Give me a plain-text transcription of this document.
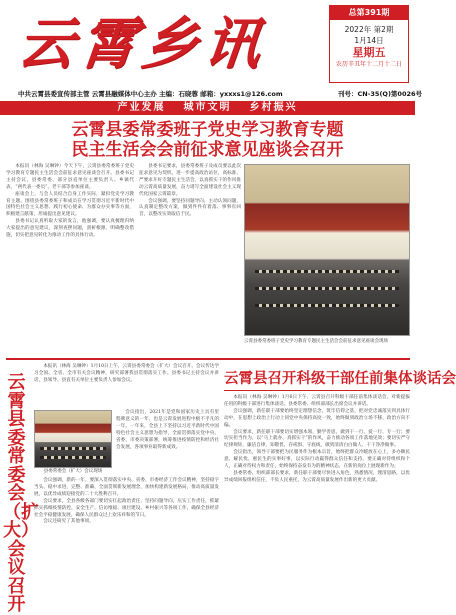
云霄乡讯	总第391期
2022年 第2期
1月14日
星期五
农历辛丑年十二月十二日
中共云霄县委宣传部主管 云霄县融媒体中心主办 主编：石晓蓉 邮箱：yxxxs1@126.com	刊号：CN-35(Q)第0026号
产业发展 城市文明 乡村振兴
云霄县委常委班子党史学习教育专题
民主生活会会前征求意见座谈会召开

本报讯（林海 吴琳钟）今天下午，云霄县委常委班子党史学习教育专题民主生活会会前征求意见座谈会召开。县委书记主持会议，县委常委、部分县直单位主要负责人、乡镇代表、“两代表一委员”、老干部等参加座谈。

座谈会上，与会人员结合自身工作实际，紧扣党史学习教育主题，围绕县委常委班子和成员在学习贯彻习近平新时代中国特色社会主义思想、践行初心使命、为群众办实事等方面，积极建言献策，坦诚提出意见建议。

县委书记认真听取大家的发言，他强调，要认真梳理归纳大家提出的意见建议，深刻查摆问题，剖析根源，明确整改措施，切实把意见转化为推动工作的具体行动。

县委书记要求，县委常委班子及成员要以此次征求意见为契机，进一步提高政治站位，高标准、严要求开好专题民主生活会，以真抓实干的作风推动云霄高质量发展，奋力谱写全面建设社会主义现代化国家云霄篇章。

会议强调，要坚持问题导向，主动认领问题，认真制定整改方案，做到件件有着落、事事有回音，以整改实效取信于民。

云霄县委常委班子党史学习教育专题民主生活会会前征求意见座谈会现场
云霄县委常委会（扩大）会议召开

本报讯（林海 吴琳钟）1月10日上午，云霄县委常委会（扩大）会议召开。会议传达学习全国、全省、全市有关会议精神，研究部署我县贯彻落实工作。县委书记主持会议并讲话，县领导、县直有关单位主要负责人参加会议。

县委常委会（扩大）会议现场

会议指出，2021年是党和国家历史上具有里程碑意义的一年，也是云霄发展进程中极不平凡的一年。一年来，全县上下坚持以习近平新时代中国特色社会主义思想为指导，全面贯彻落实党中央、省委、市委决策部署，统筹推进疫情防控和经济社会发展，各项事业取得新成效。

会议强调，新的一年，要深入贯彻落实中央、省委、市委经济工作会议精神，坚持稳字当头、稳中求进，完整、准确、全面贯彻新发展理念，加快构建新发展格局，推动高质量发展，以优异成绩迎接党的二十大胜利召开。

会议要求，全县各级各部门要切实扛起政治责任，坚持问题导向，压实工作责任，抓紧抓实抓细疫情防控、安全生产、信访维稳、项目建设、乡村振兴等各项工作，确保全县经济社会平稳健康发展，确保人民群众过上欢乐祥和的节日。

会议还研究了其他事项。

云霄县召开科级干部任前集体谈话会

本报讯（林海 吴琳钟）1月6日下午，云霄县召开科级干部任前集体谈话会，对新提拔任用的科级干部进行集体谈话。县委常委、组织部部长出席会议并讲话。

会议强调，新任职干部要始终坚定理想信念，筑牢信仰之基，把对党忠诚落实到具体行动中，在思想上政治上行动上同党中央保持高度一致，始终做到政治立场不移、政治方向不偏。

会议要求，新任职干部要切实增强本领，勤学善思，做到干一行、爱一行、专一行；要切实担当作为，以“马上就办、真抓实干”的作风，奋力推动各项工作落地见效；要切实严守纪律规矩，廉洁自律，知敬畏、存戒惧、守底线，做到清清白白做人、干干净净做事。

会议指出，领导干部要把为民服务作为根本宗旨，始终把群众冷暖放在心上，多办顺民意、解民忧、惠民生的实事好事，以实际行动赢得群众信任和支持。要正确对待组织和个人，正确对待权力和责任，始终保持奋发有为的精神状态，在新的岗位上展现新作为。

县委常委、组织部部长要求，新任职干部要尽快进入角色，熟悉情况，理清思路，以优异成绩回报组织信任，不负人民重托，为云霄高质量发展作出新的更大贡献。
